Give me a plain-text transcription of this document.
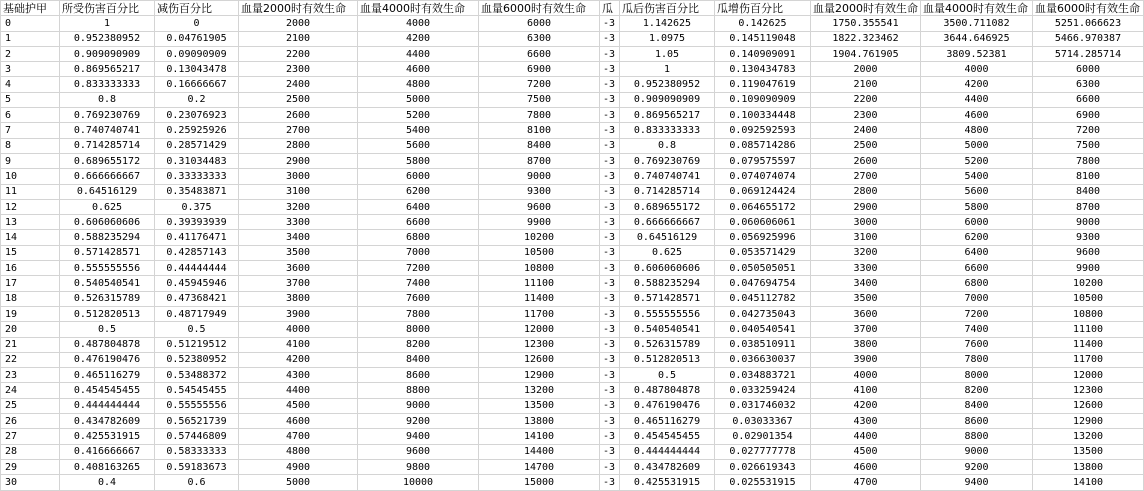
基础护甲	所受伤害百分比	减伤百分比	血量2000时有效生命	血量4000时有效生命	血量6000时有效生命	瓜	瓜后伤害百分比	瓜增伤百分比	血量2000时有效生命	血量4000时有效生命	血量6000时有效生命
0	1	0	2000	4000	6000	-3	1.142625	0.142625	1750.355541	3500.711082	5251.066623
1	0.952380952	0.04761905	2100	4200	6300	-3	1.0975	0.145119048	1822.323462	3644.646925	5466.970387
2	0.909090909	0.09090909	2200	4400	6600	-3	1.05	0.140909091	1904.761905	3809.52381	5714.285714
3	0.869565217	0.13043478	2300	4600	6900	-3	1	0.130434783	2000	4000	6000
4	0.833333333	0.16666667	2400	4800	7200	-3	0.952380952	0.119047619	2100	4200	6300
5	0.8	0.2	2500	5000	7500	-3	0.909090909	0.109090909	2200	4400	6600
6	0.769230769	0.23076923	2600	5200	7800	-3	0.869565217	0.100334448	2300	4600	6900
7	0.740740741	0.25925926	2700	5400	8100	-3	0.833333333	0.092592593	2400	4800	7200
8	0.714285714	0.28571429	2800	5600	8400	-3	0.8	0.085714286	2500	5000	7500
9	0.689655172	0.31034483	2900	5800	8700	-3	0.769230769	0.079575597	2600	5200	7800
10	0.666666667	0.33333333	3000	6000	9000	-3	0.740740741	0.074074074	2700	5400	8100
11	0.64516129	0.35483871	3100	6200	9300	-3	0.714285714	0.069124424	2800	5600	8400
12	0.625	0.375	3200	6400	9600	-3	0.689655172	0.064655172	2900	5800	8700
13	0.606060606	0.39393939	3300	6600	9900	-3	0.666666667	0.060606061	3000	6000	9000
14	0.588235294	0.41176471	3400	6800	10200	-3	0.64516129	0.056925996	3100	6200	9300
15	0.571428571	0.42857143	3500	7000	10500	-3	0.625	0.053571429	3200	6400	9600
16	0.555555556	0.44444444	3600	7200	10800	-3	0.606060606	0.050505051	3300	6600	9900
17	0.540540541	0.45945946	3700	7400	11100	-3	0.588235294	0.047694754	3400	6800	10200
18	0.526315789	0.47368421	3800	7600	11400	-3	0.571428571	0.045112782	3500	7000	10500
19	0.512820513	0.48717949	3900	7800	11700	-3	0.555555556	0.042735043	3600	7200	10800
20	0.5	0.5	4000	8000	12000	-3	0.540540541	0.040540541	3700	7400	11100
21	0.487804878	0.51219512	4100	8200	12300	-3	0.526315789	0.038510911	3800	7600	11400
22	0.476190476	0.52380952	4200	8400	12600	-3	0.512820513	0.036630037	3900	7800	11700
23	0.465116279	0.53488372	4300	8600	12900	-3	0.5	0.034883721	4000	8000	12000
24	0.454545455	0.54545455	4400	8800	13200	-3	0.487804878	0.033259424	4100	8200	12300
25	0.444444444	0.55555556	4500	9000	13500	-3	0.476190476	0.031746032	4200	8400	12600
26	0.434782609	0.56521739	4600	9200	13800	-3	0.465116279	0.03033367	4300	8600	12900
27	0.425531915	0.57446809	4700	9400	14100	-3	0.454545455	0.02901354	4400	8800	13200
28	0.416666667	0.58333333	4800	9600	14400	-3	0.444444444	0.027777778	4500	9000	13500
29	0.408163265	0.59183673	4900	9800	14700	-3	0.434782609	0.026619343	4600	9200	13800
30	0.4	0.6	5000	10000	15000	-3	0.425531915	0.025531915	4700	9400	14100
